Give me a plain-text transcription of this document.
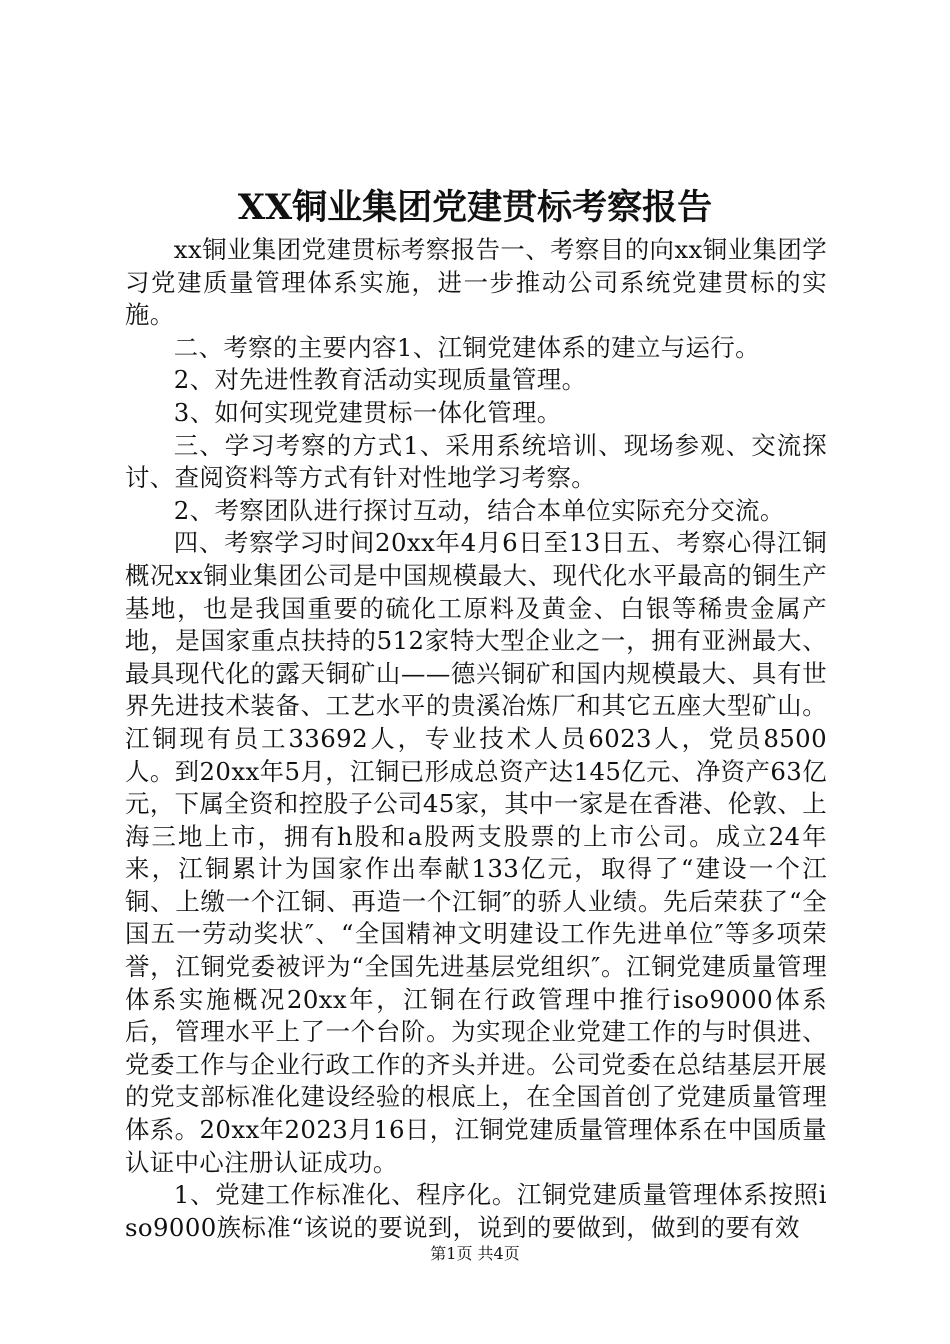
XX铜业集团党建贯标考察报告

xx铜业集团党建贯标考察报告一、考察目的向xx铜业集团学习党建质量管理体系实施，进一步推动公司系统党建贯标的实施。

二、考察的主要内容1、江铜党建体系的建立与运行。

2、对先进性教育活动实现质量管理。

3、如何实现党建贯标一体化管理。

三、学习考察的方式1、采用系统培训、现场参观、交流探讨、查阅资料等方式有针对性地学习考察。

2、考察团队进行探讨互动，结合本单位实际充分交流。

四、考察学习时间20xx年4月6日至13日五、考察心得江铜概况xx铜业集团公司是中国规模最大、现代化水平最高的铜生产基地，也是我国重要的硫化工原料及黄金、白银等稀贵金属产地，是国家重点扶持的512家特大型企业之一，拥有亚洲最大、最具现代化的露天铜矿山——德兴铜矿和国内规模最大、具有世界先进技术装备、工艺水平的贵溪冶炼厂和其它五座大型矿山。江铜现有员工33692人，专业技术人员6023人，党员8500人。到20xx年5月，江铜已形成总资产达145亿元、净资产63亿元，下属全资和控股子公司45家，其中一家是在香港、伦敦、上海三地上市，拥有h股和a股两支股票的上市公司。成立24年来，江铜累计为国家作出奉献133亿元，取得了“建设一个江铜、上缴一个江铜、再造一个江铜″的骄人业绩。先后荣获了“全国五一劳动奖状″、“全国精神文明建设工作先进单位″等多项荣誉，江铜党委被评为“全国先进基层党组织″。江铜党建质量管理体系实施概况20xx年，江铜在行政管理中推行iso9000体系后，管理水平上了一个台阶。为实现企业党建工作的与时俱进、党委工作与企业行政工作的齐头并进。公司党委在总结基层开展的党支部标准化建设经验的根底上，在全国首创了党建质量管理体系。20xx年2023月16日，江铜党建质量管理体系在中国质量认证中心注册认证成功。

1、党建工作标准化、程序化。江铜党建质量管理体系按照iso9000族标准“该说的要说到，说到的要做到，做到的要有效

第1页 共4页
